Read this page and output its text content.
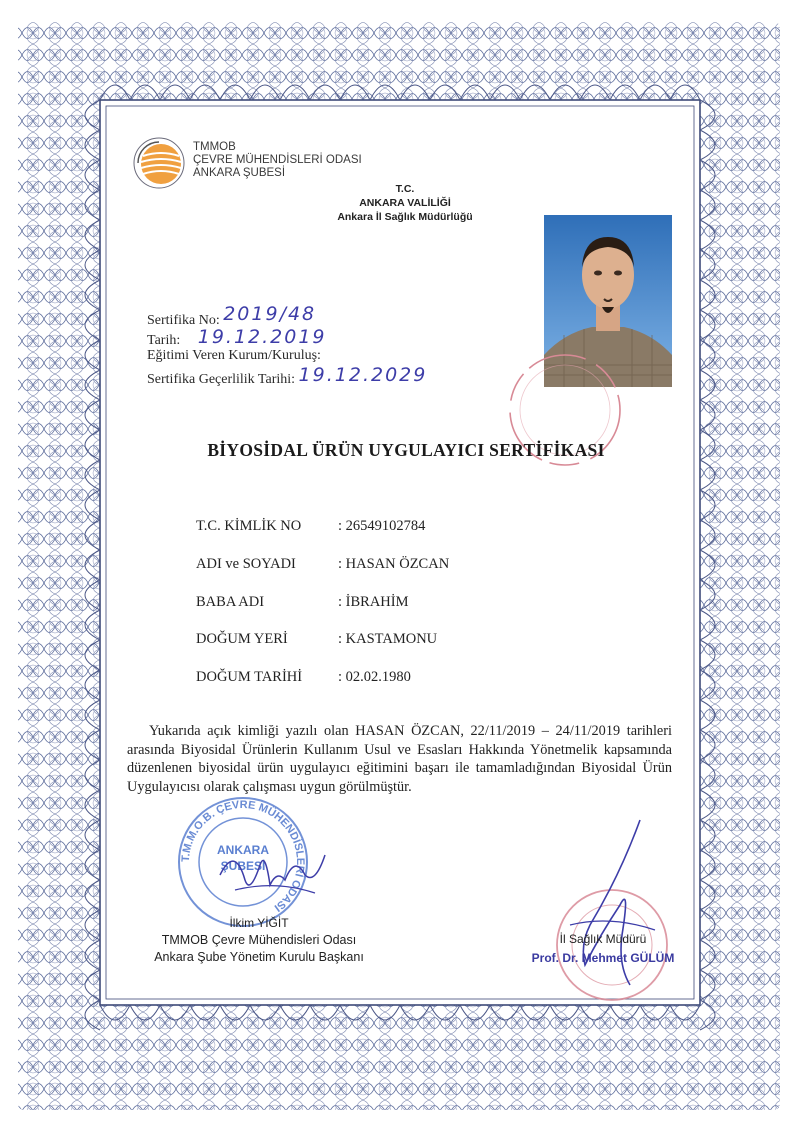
TMMOB
ÇEVRE MÜHENDİSLERİ ODASI
ANKARA ŞUBESİ
T.C.
ANKARA VALİLİĞİ
Ankara İl Sağlık Müdürlüğü
Sertifika No: 2019/48
Tarih: 19.12.2019
Eğitimi Veren Kurum/Kuruluş:
Sertifika Geçerlilik Tarihi: 19.12.2029
BİYOSİDAL ÜRÜN UYGULAYICI SERTİFİKASI
T.C. KİMLİK NO	: 26549102784
ADI ve SOYADI	: HASAN ÖZCAN
BABA ADI	: İBRAHİM
DOĞUM YERİ	: KASTAMONU
DOĞUM TARİHİ : 02.02.1980
Yukarıda açık kimliği yazılı olan HASAN ÖZCAN, 22/11/2019 – 24/11/2019 tarihleri arasında Biyosidal Ürünlerin Kullanım Usul ve Esasları Hakkında Yönetmelik kapsamında düzenlenen biyosidal ürün uygulayıcı eğitimini başarı ile tamamladığından Biyosidal Ürün Uygulayıcısı olarak çalışması uygun görülmüştür.
T.M.M.O.B. ÇEVRE MÜHENDİSLERİ ODASI
ANKARA
ŞUBESİ
İlkim YİĞİT
TMMOB Çevre Mühendisleri Odası
Ankara Şube Yönetim Kurulu Başkanı
İl Sağlık Müdürü
Prof. Dr. Mehmet GÜLÜM
